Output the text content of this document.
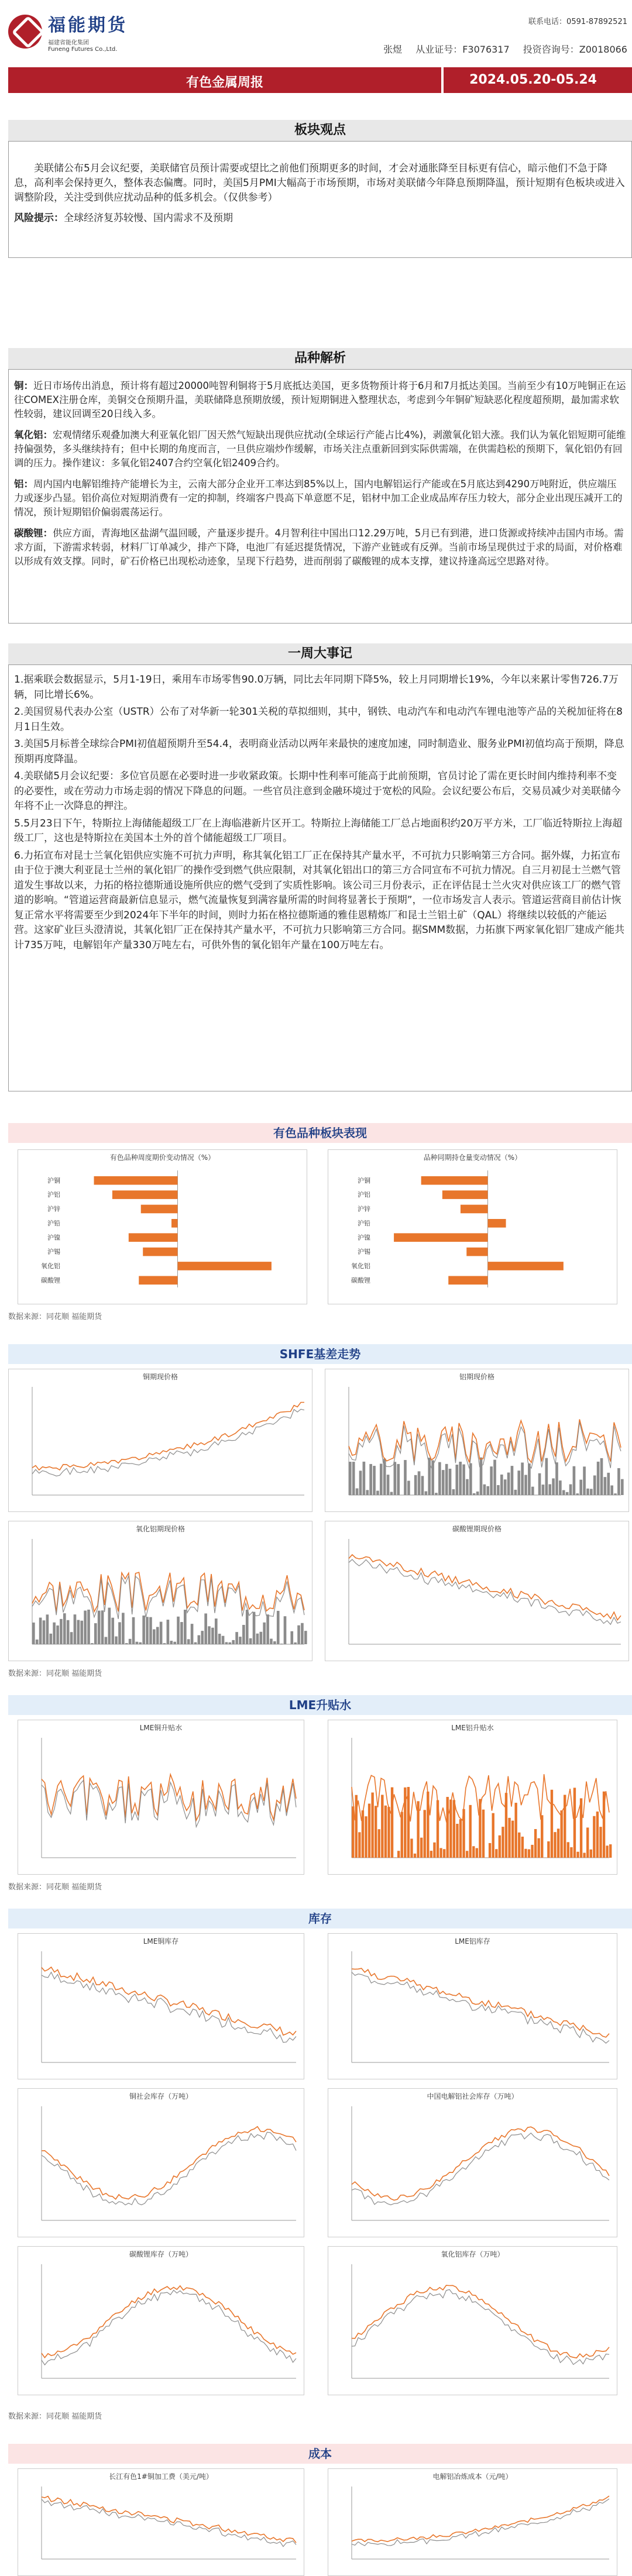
福能期货
福建省能化集团
Funeng Futures Co.,Ltd.
联系电话：0591-87892521
张煜 从业证号：F3076317 投资咨询号：Z0018066
有色金属周报	2024.05.20-05.24
板块观点

美联储公布5月会议纪要，美联储官员预计需要或望比之前他们预期更多的时间，才会对通胀降至目标更有信心，暗示他们不急于降息，高利率会保持更久，整体表态偏鹰。同时，美国5月PMI大幅高于市场预期，市场对美联储今年降息预期降温，预计短期有色板块或进入调整阶段，关注受到供应扰动品种的低多机会。（仅供参考）

风险提示：全球经济复苏较慢、国内需求不及预期

品种解析

铜：近日市场传出消息，预计将有超过20000吨智利铜将于5月底抵达美国，更多货物预计将于6月和7月抵达美国。当前至少有10万吨铜正在运往COMEX注册仓库，美铜交仓预期升温，美联储降息预期放缓，预计短期铜进入整理状态，考虑到今年铜矿短缺恶化程度超预期，最加需求软性较弱，建议回调至20日线入多。

氧化铝：宏观情绪乐观叠加澳大利亚氧化铝厂因天然气短缺出现供应扰动(全球运行产能占比4%)，剥激氧化铝大涨。我们认为氧化铝短期可能维持偏强势，多头继续持有；但中长期的角度而言，一旦供应端炒作缓解，市场关注点重新回到实际供需端，在供需趋松的预期下，氧化铝仍有回调的压力。操作建议：多氧化铝2407合约空氧化铝2409合约。

铝：周内国内电解铝维持产能增长为主，云南大部分企业开工率达到85%以上，国内电解铝运行产能或在5月底达到4290万吨附近，供应端压力或逐步凸显。铝价高位对短期消费有一定的抑制，终端客户畏高下单意愿不足，铝材中加工企业成品库存压力较大，部分企业出现压减开工的情况，预计短期铝价偏弱震荡运行。

碳酸锂：供应方面，青海地区盐湖气温回暖，产量逐步提升。4月智利往中国出口12.29万吨，5月已有到港，进口货源或持续冲击国内市场。需求方面，下游需求转弱，材料厂订单减少，排产下降，电池厂有延迟提货情况，下游产业链或有反弹。当前市场呈现供过于求的局面，对价格难以形成有效支撑。同时，矿石价格已出现松动迹象，呈现下行趋势，进而削弱了碳酸锂的成本支撑，建议持逢高远空思路对待。

一周大事记

1.据乘联会数据显示，5月1-19日，乘用车市场零售90.0万辆，同比去年同期下降5%，较上月同期增长19%，今年以来累计零售726.7万辆，同比增长6%。

2.美国贸易代表办公室（USTR）公布了对华新一轮301关税的草拟细则，其中，钢铁、电动汽车和电动汽车锂电池等产品的关税加征将在8月1日生效。

3.美国5月标普全球综合PMI初值超预期升至54.4，表明商业活动以两年来最快的速度加速，同时制造业、服务业PMI初值均高于预期，降息预期再度降温。

4.美联储5月会议纪要：多位官员愿在必要时进一步收紧政策。长期中性利率可能高于此前预期，官员讨论了需在更长时间内维持利率不变的必要性，或在劳动力市场走弱的情况下降息的问题。一些官员注意到金融环境过于宽松的风险。会议纪要公布后，交易员减少对美联储今年将不止一次降息的押注。

5.5月23日下午，特斯拉上海储能超级工厂在上海临港新片区开工。特斯拉上海储能工厂总占地面积约20万平方米，工厂临近特斯拉上海超级工厂，这也是特斯拉在美国本土外的首个储能超级工厂项目。

6.力拓宣布对昆士兰氧化铝供应实施不可抗力声明，称其氧化铝工厂正在保持其产量水平，不可抗力只影响第三方合同。据外媒，力拓宣布由于位于澳大利亚昆士兰州的氧化铝厂的操作受到燃气供应限制，对其氧化铝出口的第三方合同宣布不可抗力情况。自三月初昆士兰燃气管道发生事故以来，力拓的格拉德斯通设施所供应的燃气受到了实质性影响。该公司三月份表示，正在评估昆士兰火灾对供应该工厂的燃气管道的影响。“管道运营商最新信息显示，燃气流量恢复到满容量所需的时间将显著长于预期”，一位市场发言人表示。管道运营商目前估计恢复正常水平将需要至少到2024年下半年的时间，则时力拓在格拉德斯通的雅佳恩精炼厂和昆士兰铝土矿（QAL）将继续以较低的产能运营。这家矿业巨头澄清说，其氧化铝厂正在保持其产量水平，不可抗力只影响第三方合同。据SMM数据，力拓旗下两家氧化铝厂建成产能共计735万吨，电解铝年产量330万吨左右，可供外售的氧化铝年产量在100万吨左右。

有色品种板块表现
有色品种周度期价变动情况（%）
沪铜
沪铝
沪锌
沪铅
沪镍
沪锡
氧化铝
碳酸锂
品种同期持仓量变动情况（%）
沪铜
沪铝
沪锌
沪铅
沪镍
沪锡
氧化铝
碳酸锂
数据来源：同花顺 福能期货
SHFE基差走势
铜期现价格	铝期现价格
氧化铝期现价格	碳酸锂期现价格
数据来源：同花顺 福能期货
LME升贴水
LME铜升贴水	LME铝升贴水
数据来源：同花顺 福能期货
库存
LME铜库存	LME铝库存
铜社会库存（万吨）	中国电解铝社会库存（万吨）
碳酸锂库存（万吨）	氧化铝库存（万吨）
数据来源：同花顺 福能期货
成本
长江有色1#铜加工费（美元/吨）	电解铝冶炼成本（元/吨）
